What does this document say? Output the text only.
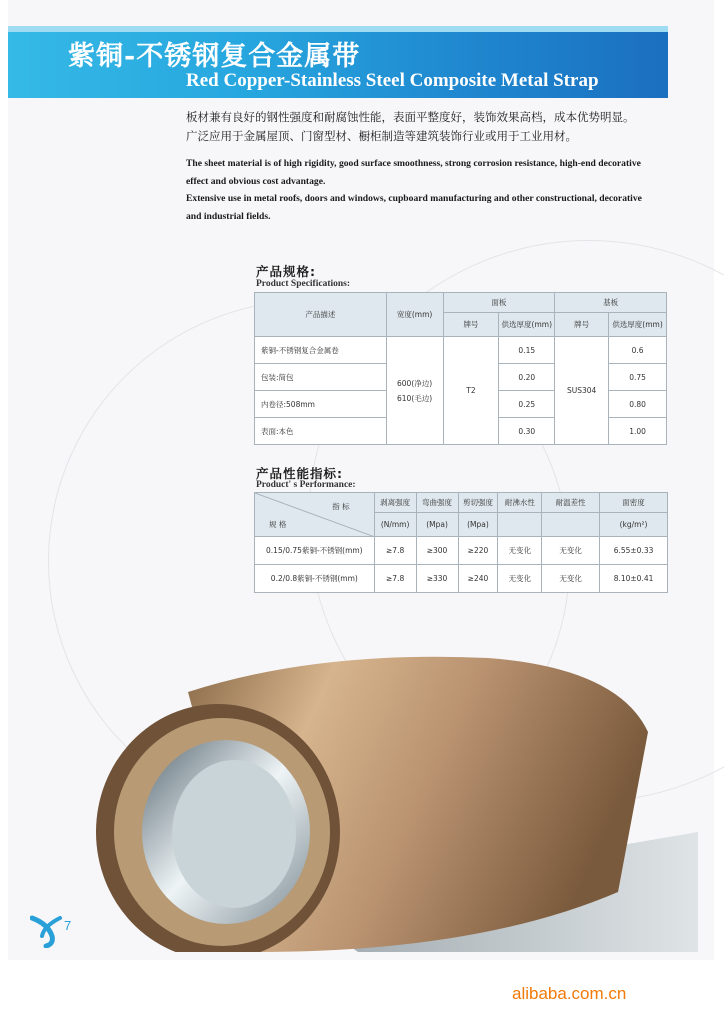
紫铜-不锈钢复合金属带
Red Copper-Stainless Steel Composite Metal Strap

板材兼有良好的钢性强度和耐腐蚀性能，表面平整度好，装饰效果高档，成本优势明显。

广泛应用于金属屋顶、门窗型材、橱柜制造等建筑装饰行业或用于工业用材。

The sheet material is of high rigidity, good surface smoothness, strong corrosion resistance, high-end decorative

effect and obvious cost advantage.

Extensive use in metal roofs, doors and windows, cupboard manufacturing and other constructional, decorative

and industrial fields.

产品规格:
Product Specifications:
产品描述	宽度(mm)	面板		基板	
		牌号	供选厚度(mm)	牌号	供选厚度(mm)
紫铜-不锈钢复合金属卷	600(净边)
610(毛边)	T2	0.15	SUS304	0.6
包装:简包			0.20		0.75
内卷径:508mm			0.25		0.80
表面:本色			0.30		1.00
产品性能指标:
Product' s Performance:
指 标
规 格	剥离强度	弯曲强度	剪切强度	耐沸水性	耐温差性	面密度
	(N/mm)	(Mpa)	(Mpa)			(kg/m²)
0.15/0.75紫铜-不锈钢(mm)	≥7.8	≥300	≥220	无变化	无变化	6.55±0.33
0.2/0.8紫铜-不锈钢(mm)	≥7.8	≥330	≥240	无变化	无变化	8.10±0.41
7
alibaba.com.cn
